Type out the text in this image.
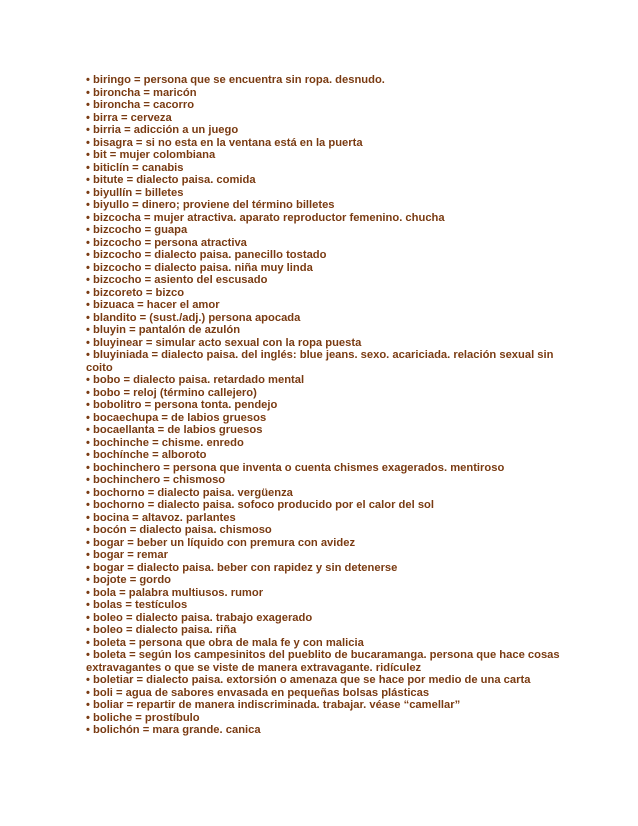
• biringo = persona que se encuentra sin ropa. desnudo.

• bironcha = maricón

• bironcha = cacorro

• birra = cerveza

• birria = adicción a un juego

• bisagra = si no esta en la ventana está en la puerta

• bit = mujer colombiana

• biticlín = canabis

• bitute = dialecto paisa. comida

• biyullín = billetes

• biyullo = dinero; proviene del término billetes

• bizcocha = mujer atractiva. aparato reproductor femenino. chucha

• bizcocho = guapa

• bizcocho = persona atractiva

• bizcocho = dialecto paisa. panecillo tostado

• bizcocho = dialecto paisa. niña muy linda

• bizcocho = asiento del escusado

• bizcoreto = bizco

• bizuaca = hacer el amor

• blandito = (sust./adj.) persona apocada

• bluyin = pantalón de azulón

• bluyinear = simular acto sexual con la ropa puesta

• bluyiniada = dialecto paisa. del inglés: blue jeans. sexo. acariciada. relación sexual sin coito

• bobo = dialecto paisa. retardado mental

• bobo = reloj (término callejero)

• bobolitro = persona tonta. pendejo

• bocaechupa = de labios gruesos

• bocaellanta = de labios gruesos

• bochinche = chisme. enredo

• bochínche = alboroto

• bochinchero = persona que inventa o cuenta chismes exagerados. mentiroso

• bochinchero = chismoso

• bochorno = dialecto paisa. vergüenza

• bochorno = dialecto paisa. sofoco producido por el calor del sol

• bocina = altavoz. parlantes

• bocón = dialecto paisa. chismoso

• bogar = beber un líquido con premura con avidez

• bogar = remar

• bogar = dialecto paisa. beber con rapidez y sin detenerse

• bojote = gordo

• bola = palabra multiusos. rumor

• bolas = testículos

• boleo = dialecto paisa. trabajo exagerado

• boleo = dialecto paisa. riña

• boleta = persona que obra de mala fe y con malicia

• boleta = según los campesinitos del pueblito de bucaramanga. persona que hace cosas extravagantes o que se viste de manera extravagante. ridículez

• boletiar = dialecto paisa. extorsión o amenaza que se hace por medio de una carta

• boli = agua de sabores envasada en pequeñas bolsas plásticas

• boliar = repartir de manera indiscriminada. trabajar. véase “camellar”

• boliche = prostíbulo

• bolichón = mara grande. canica
